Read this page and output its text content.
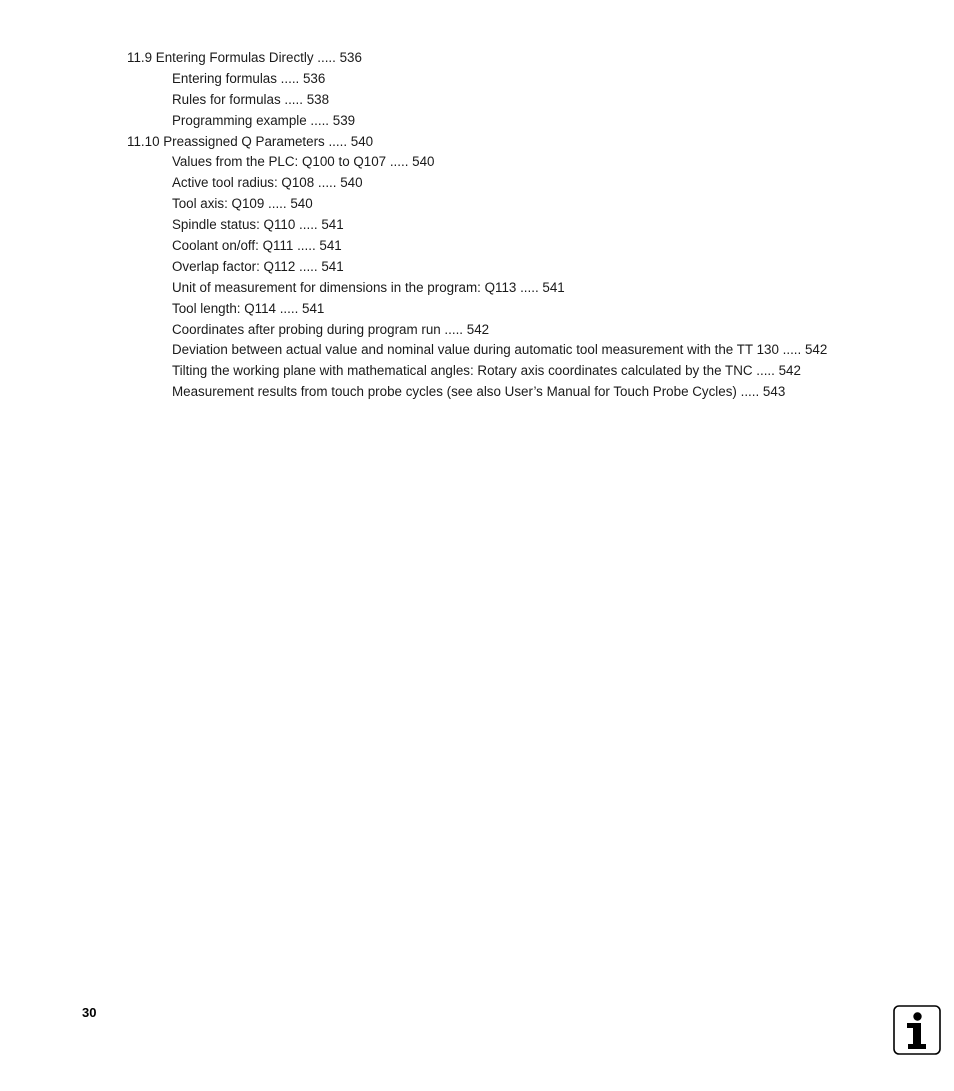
11.9 Entering Formulas Directly ..... 536
Entering formulas ..... 536
Rules for formulas ..... 538
Programming example ..... 539
11.10 Preassigned Q Parameters ..... 540
Values from the PLC: Q100 to Q107 ..... 540
Active tool radius: Q108 ..... 540
Tool axis: Q109 ..... 540
Spindle status: Q110 ..... 541
Coolant on/off: Q111 ..... 541
Overlap factor: Q112 ..... 541
Unit of measurement for dimensions in the program: Q113 ..... 541
Tool length: Q114 ..... 541
Coordinates after probing during program run ..... 542
Deviation between actual value and nominal value during automatic tool measurement with the TT 130 ..... 542
Tilting the working plane with mathematical angles: Rotary axis coordinates calculated by the TNC ..... 542
Measurement results from touch probe cycles (see also User’s Manual for Touch Probe Cycles) ..... 543
30
